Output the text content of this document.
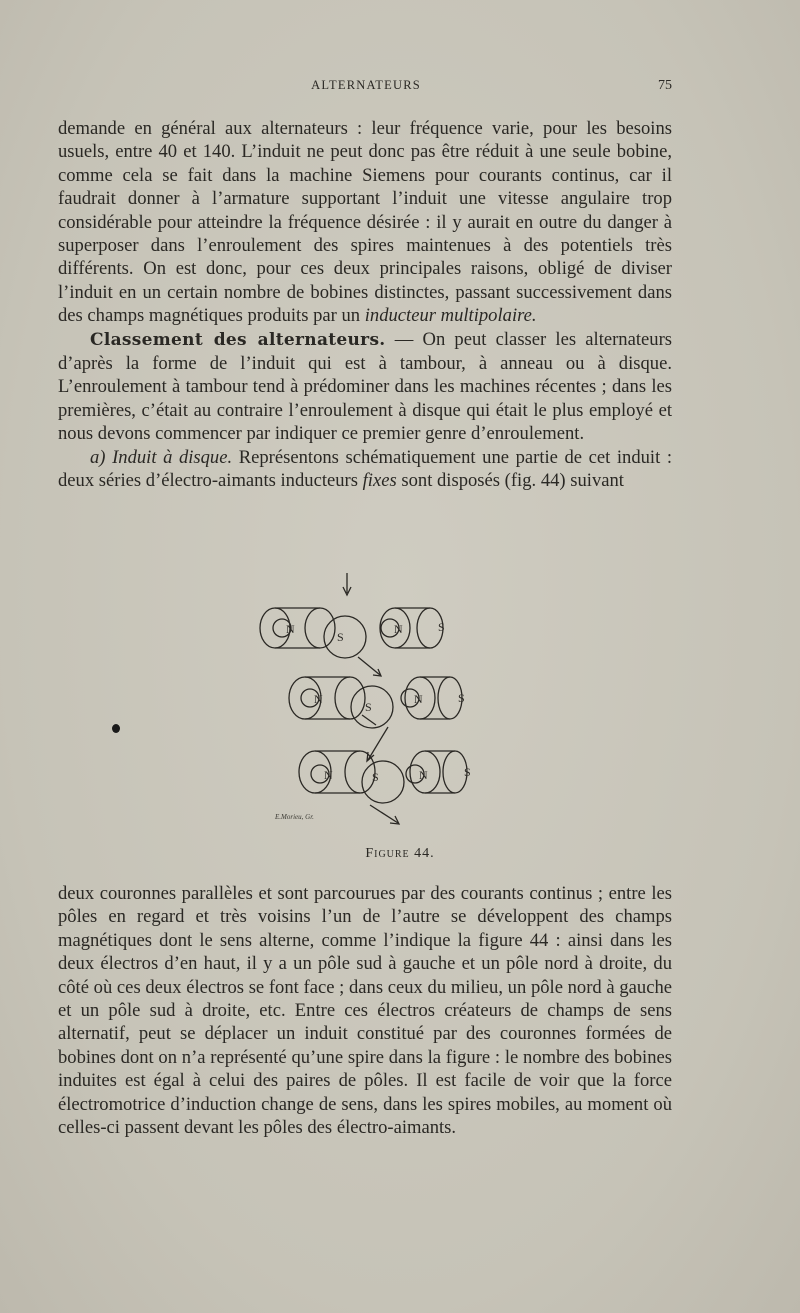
ALTERNATEURS	75

demande en général aux alternateurs : leur fréquence varie, pour les besoins usuels, entre 40 et 140. L’induit ne peut donc pas être réduit à une seule bobine, comme cela se fait dans la machine Siemens pour courants continus, car il faudrait donner à l’armature supportant l’induit une vitesse angulaire trop considérable pour atteindre la fréquence désirée : il y aurait en outre du danger à superposer dans l’enroulement des spires maintenues à des potentiels très différents. On est donc, pour ces deux principales raisons, obligé de diviser l’induit en un certain nombre de bobines distinctes, passant successivement dans des champs magnétiques produits par un inducteur multipolaire.

Classement des alternateurs. — On peut classer les alternateurs d’après la forme de l’induit qui est à tambour, à anneau ou à disque. L’enroulement à tambour tend à prédominer dans les machines récentes ; dans les premières, c’était au contraire l’enroulement à disque qui était le plus employé et nous devons commencer par indiquer ce premier genre d’enroulement.

a) Induit à disque. Représentons schématiquement une partie de cet induit : deux séries d’électro-aimants inducteurs fixes sont disposés (fig. 44) suivant

N
S
N	S
N
S
N	S
N	S	N	S
E.Morieu, Gr.
Figure 44.

deux couronnes parallèles et sont parcourues par des courants continus ; entre les pôles en regard et très voisins l’un de l’autre se développent des champs magnétiques dont le sens alterne, comme l’indique la figure 44 : ainsi dans les deux électros d’en haut, il y a un pôle sud à gauche et un pôle nord à droite, du côté où ces deux électros se font face ; dans ceux du milieu, un pôle nord à gauche et un pôle sud à droite, etc. Entre ces électros créateurs de champs de sens alternatif, peut se déplacer un induit constitué par des couronnes formées de bobines dont on n’a représenté qu’une spire dans la figure : le nombre des bobines induites est égal à celui des paires de pôles. Il est facile de voir que la force électromotrice d’induction change de sens, dans les spires mobiles, au moment où celles-ci passent devant les pôles des électro-aimants.
